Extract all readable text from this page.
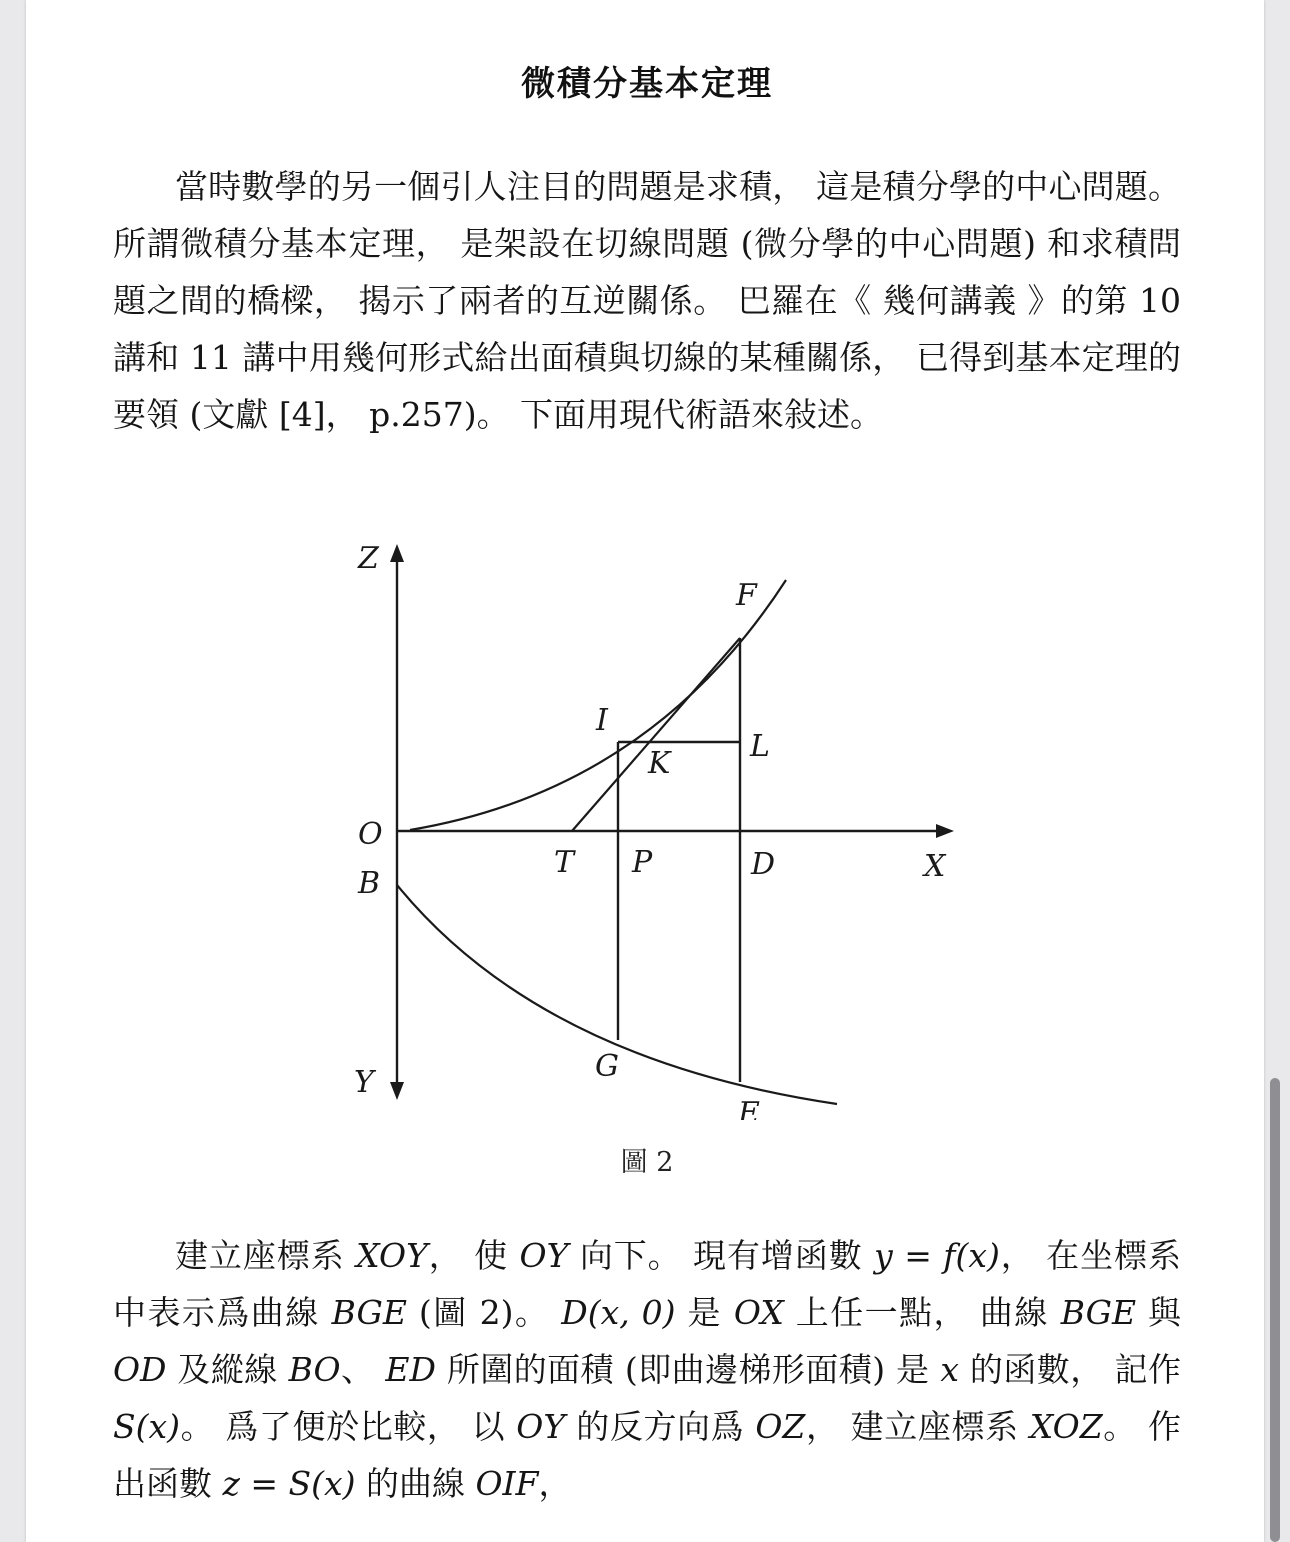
微積分基本定理

當時數學的另一個引人注目的問題是求積， 這是積分學的中心問題。 所謂微積分基本定理， 是架設在切線問題 (微分學的中心問題) 和求積問題之間的橋樑， 揭示了兩者的互逆關係。 巴羅在《 幾何講義 》的第 10 講和 11 講中用幾何形式給出面積與切線的某種關係， 已得到基本定理的要領 (文獻 [4]， p.257)。 下面用現代術語來敍述。

Z
F
I
L
K
O
T P	D	X
B
G
Y
E
圖 2

建立座標系 XOY， 使 OY 向下。 現有增函數 y = f(x)， 在坐標系中表示爲曲線 BGE (圖 2)。 D(x, 0) 是 OX 上任一點， 曲線 BGE 與 OD 及縱線 BO、 ED 所圍的面積 (即曲邊梯形面積) 是 x 的函數， 記作 S(x)。 爲了便於比較， 以 OY 的反方向爲 OZ， 建立座標系 XOZ。 作出函數 z = S(x) 的曲線 OIF，
